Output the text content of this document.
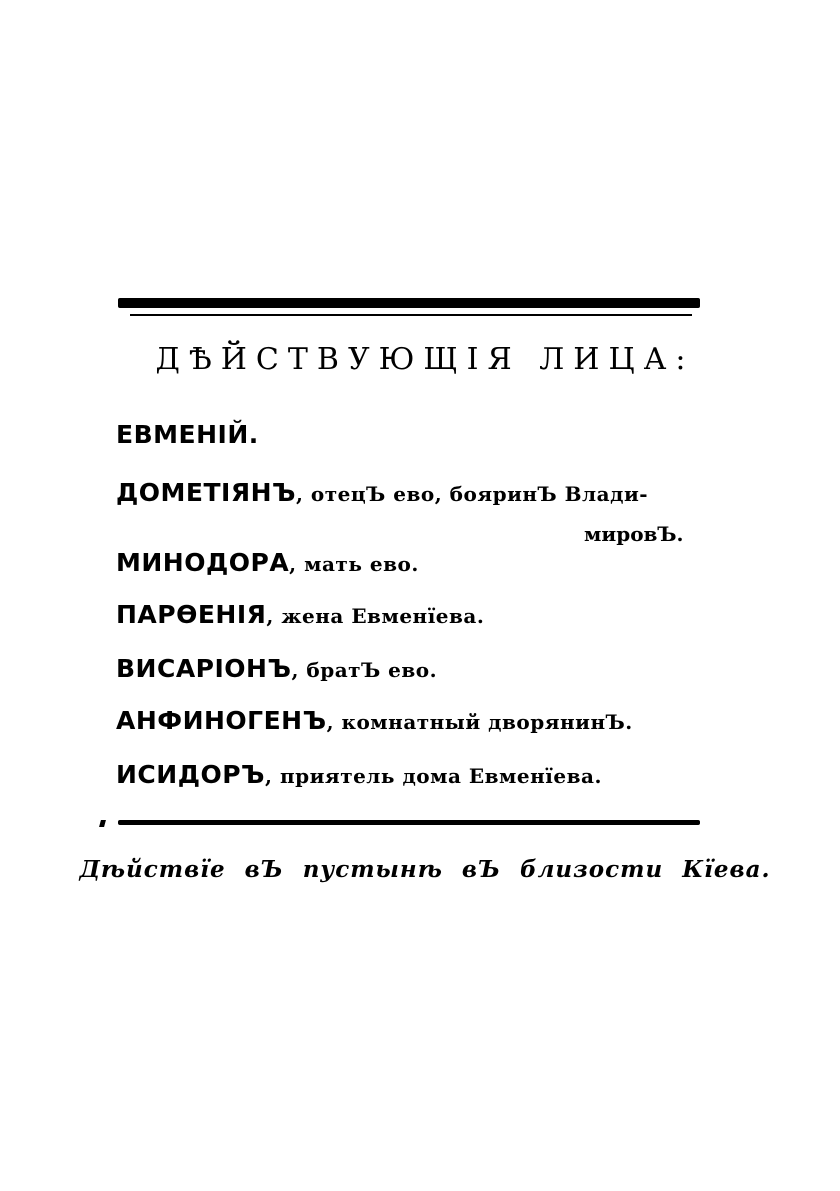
ДѢЙСТВУЮЩІЯ ЛИЦА:
ЕВМЕНІЙ.
ДОМЕТІЯНЪ, отецЪ ево, бояринЪ Влади-
мировЪ.
МИНОДОРА, мать ево.
ПАРѲЕНІЯ, жена Евменїева.
ВИСАРІОНЪ, братЪ ево.
АНФИНОГЕНЪ, комнатный дворянинЪ.
ИСИДОРЪ, приятель дома Евменїева.
Дѣйствїе вЪ пустынѣ вЪ близости Кїева.
